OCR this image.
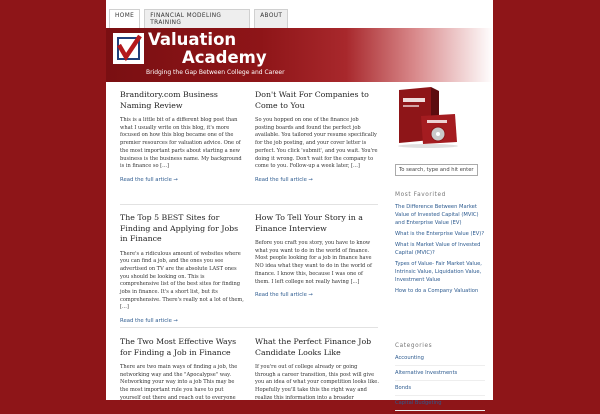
HOME	FINANCIAL MODELING TRAINING
ABOUT
Valuation
Academy
Bridging the Gap Between College and Career
Branditory.com Business Naming Review
This is a little bit of a different blog post than what I usually write on this blog, it's more focused on how this blog became one of the premier resources for valuation advice. One of the most important parts about starting a new business is the business name. My background is in finance so [...]
Read the full article →
Don't Wait For Companies to Come to You
So you hopped on one of the finance job posting boards and found the perfect job available. You tailored your resume specifically for the job posting, and your cover letter is perfect. You click 'submit', and you wait. You're doing it wrong. Don't wait for the company to come to you. Follow-up a week later, [...]
Read the full article →
The Top 5 BEST Sites for Finding and Applying for Jobs in Finance
There's a ridiculous amount of websites where you can find a job, and the ones you see advertised on TV are the absolute LAST ones you should be looking on. This is comprehensive list of the best sites for finding jobs in finance. It's a short list, but its comprehensive. There's really not a lot of them, [...]
Read the full article →
How To Tell Your Story in a Finance Interview
Before you craft you story, you have to know what you want to do in the world of finance. Most people looking for a job in finance have NO idea what they want to do in the world of finance. I know this, because I was one of them. I left college not really having [...]
Read the full article →
The Two Most Effective Ways for Finding a Job in Finance
There are two main ways of finding a job, the networking way and the "Apocalypse" way. Networking your way into a job This may be the most important rule you have to put yourself out there and reach out to everyone
What the Perfect Finance Job Candidate Looks Like
If you're out of college already or going through a career transition, this post will give you an idea of what your competition looks like. Hopefully you'll take this the right way and realize this information into a broader
To search, type and hit enter
Most Favorited
The Difference Between Market Value of Invested Capital (MVIC) and Enterprise Value (EV)
What is the Enterprise Value (EV)?
What is Market Value of Invested Capital (MVIC)?
Types of Value- Fair Market Value, Intrinsic Value, Liquidation Value, Investment Value
How to do a Company Valuation
Categories
Accounting
Alternative Investments
Bonds
Capital Budgeting
